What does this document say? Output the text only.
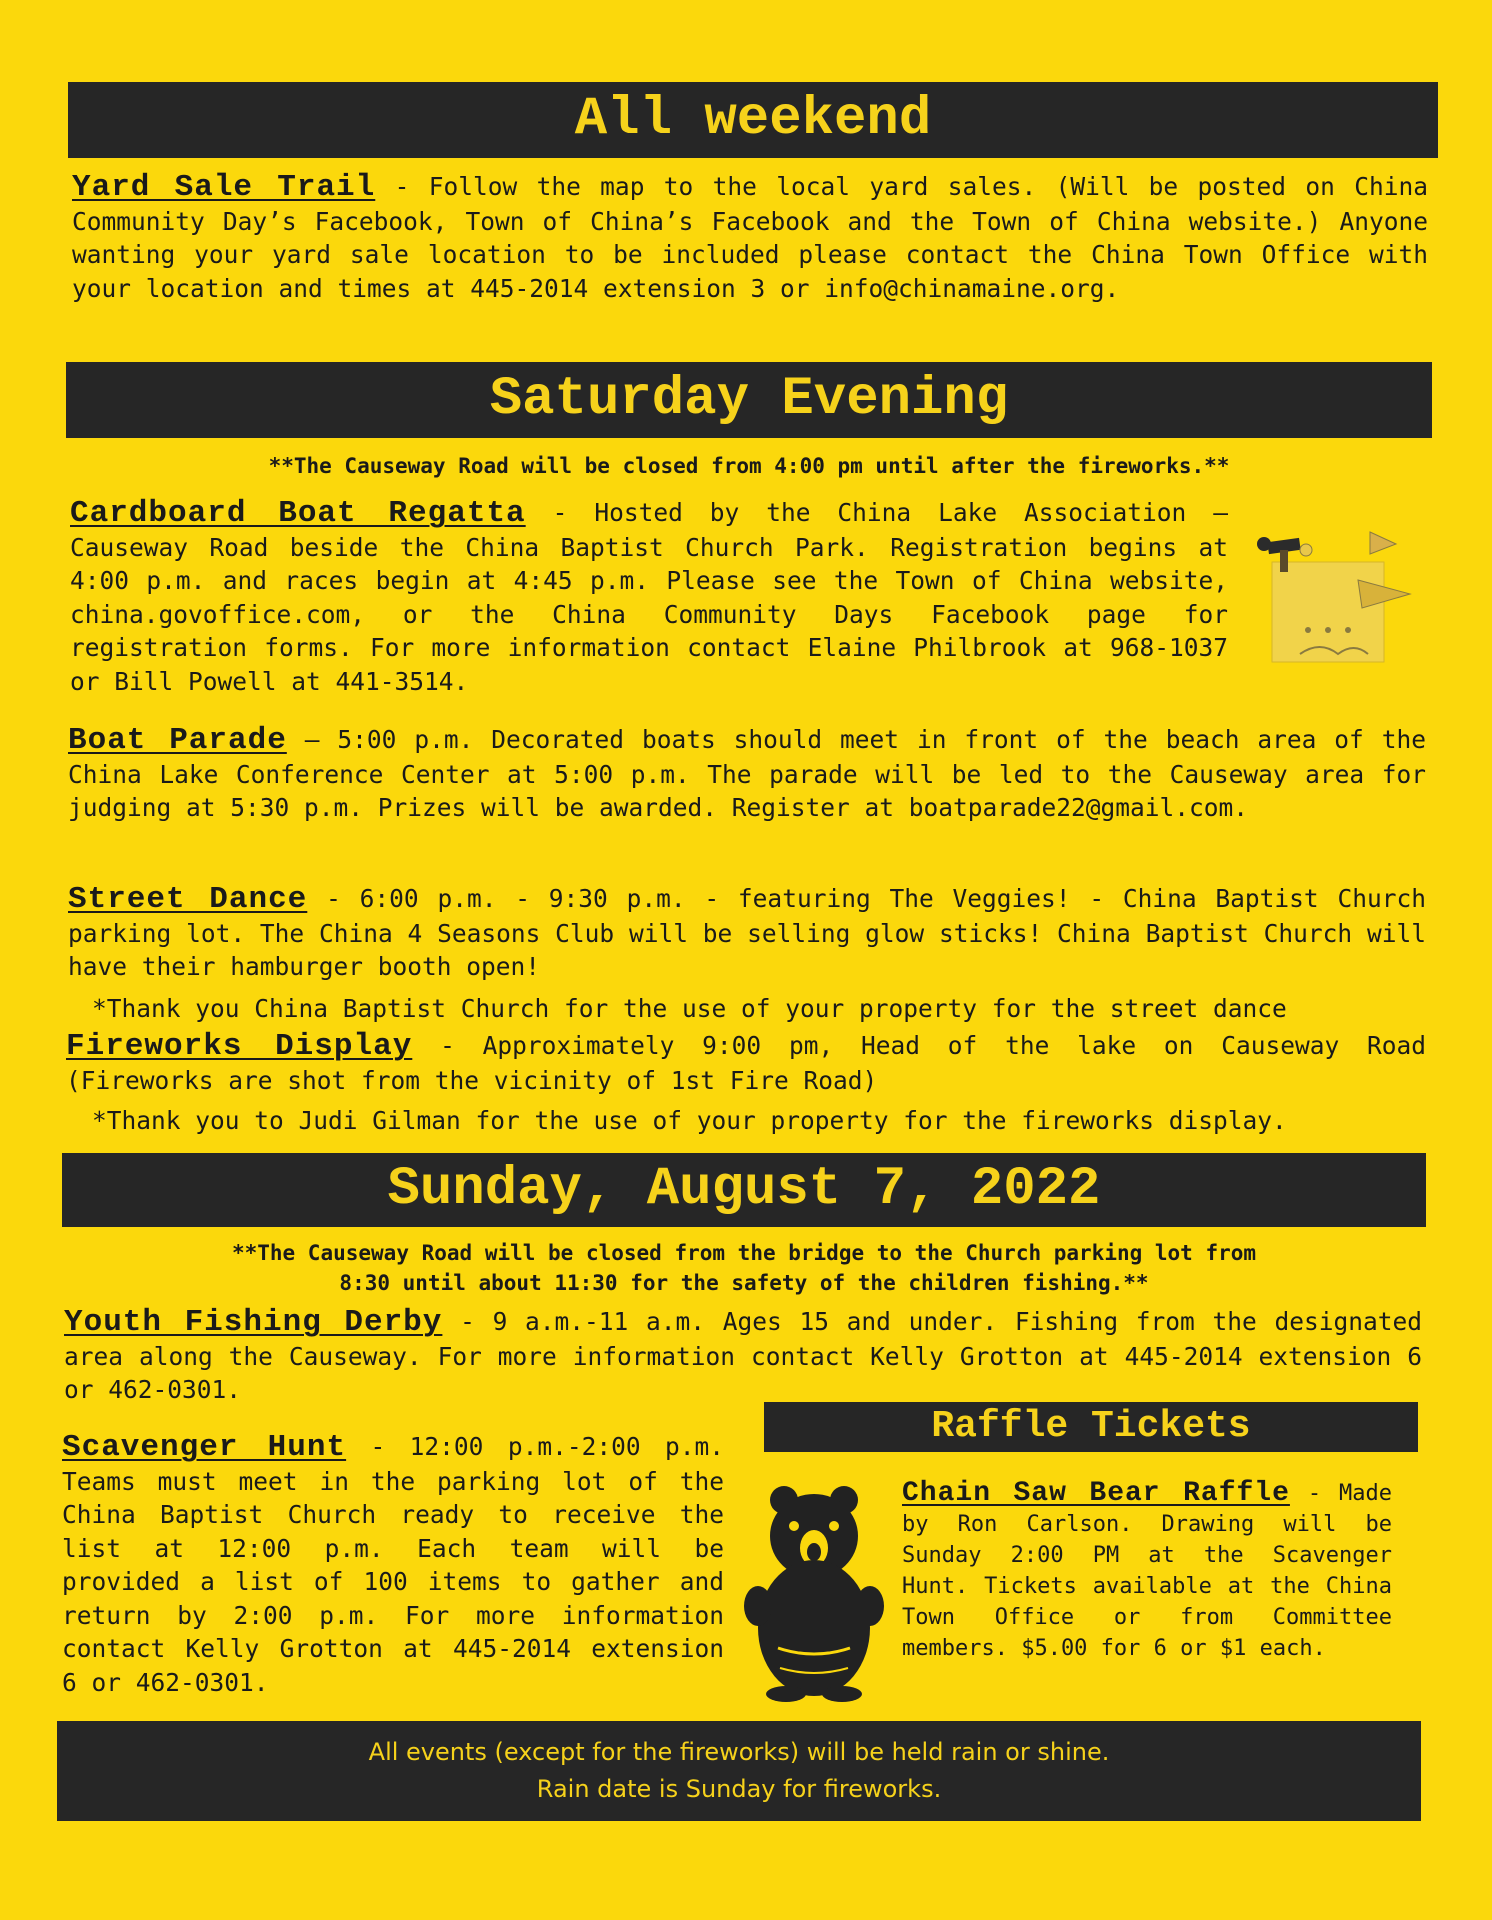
All weekend

Yard Sale Trail - Follow the map to the local yard sales. (Will be posted on China Community Day’s Facebook, Town of China’s Facebook and the Town of China website.) Anyone wanting your yard sale location to be included please contact the China Town Office with your location and times at 445-2014 extension 3 or info@chinamaine.org.

Saturday Evening
**The Causeway Road will be closed from 4:00 pm until after the fireworks.**

Cardboard Boat Regatta - Hosted by the China Lake Association – Causeway Road beside the China Baptist Church Park. Registration begins at 4:00 p.m. and races begin at 4:45 p.m. Please see the Town of China website, china.govoffice.com, or the China Community Days Facebook page for registration forms. For more information contact Elaine Philbrook at 968-1037 or Bill Powell at 441-3514.

Boat Parade – 5:00 p.m. Decorated boats should meet in front of the beach area of the China Lake Conference Center at 5:00 p.m. The parade will be led to the Causeway area for judging at 5:30 p.m. Prizes will be awarded. Register at boatparade22@gmail.com.

Street Dance - 6:00 p.m. - 9:30 p.m. - featuring The Veggies! - China Baptist Church parking lot. The China 4 Seasons Club will be selling glow sticks! China Baptist Church will have their hamburger booth open!

*Thank you China Baptist Church for the use of your property for the street dance

Fireworks Display - Approximately 9:00 pm, Head of the lake on Causeway Road (Fireworks are shot from the vicinity of 1st Fire Road)

*Thank you to Judi Gilman for the use of your property for the fireworks display.
Sunday, August 7, 2022
**The Causeway Road will be closed from the bridge to the Church parking lot from
8:30 until about 11:30 for the safety of the children fishing.**

Youth Fishing Derby - 9 a.m.-11 a.m. Ages 15 and under. Fishing from the designated area along the Causeway. For more information contact Kelly Grotton at 445-2014 extension 6 or 462-0301.

Scavenger Hunt - 12:00 p.m.-2:00 p.m. Teams must meet in the parking lot of the China Baptist Church ready to receive the list at 12:00 p.m. Each team will be provided a list of 100 items to gather and return by 2:00 p.m. For more information contact Kelly Grotton at 445-2014 extension 6 or 462-0301.

Raffle Tickets

Chain Saw Bear Raffle - Made by Ron Carlson. Drawing will be Sunday 2:00 PM at the Scavenger Hunt. Tickets available at the China Town Office or from Committee members. $5.00 for 6 or $1 each.

All events (except for the fireworks) will be held rain or shine.
Rain date is Sunday for fireworks.
